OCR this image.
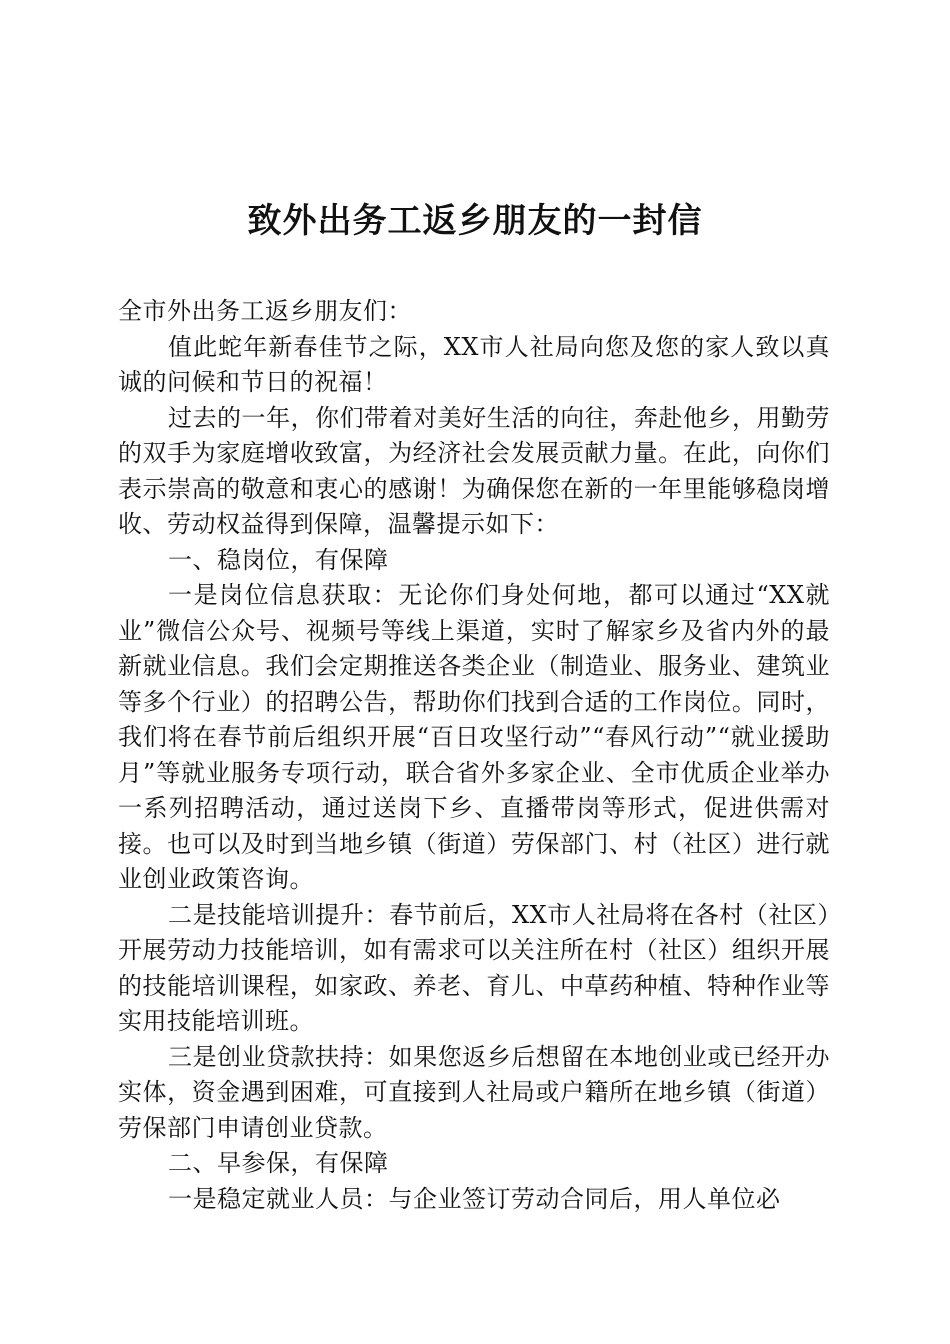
致外出务工返乡朋友的一封信

全市外出务工返乡朋友们：

值此蛇年新春佳节之际，XX市人社局向您及您的家人致以真诚的问候和节日的祝福！

过去的一年，你们带着对美好生活的向往，奔赴他乡，用勤劳的双手为家庭增收致富，为经济社会发展贡献力量。在此，向你们表示崇高的敬意和衷心的感谢！为确保您在新的一年里能够稳岗增收、劳动权益得到保障，温馨提示如下：

一、稳岗位，有保障

一是岗位信息获取：无论你们身处何地，都可以通过“XX就业”微信公众号、视频号等线上渠道，实时了解家乡及省内外的最新就业信息。我们会定期推送各类企业（制造业、服务业、建筑业等多个行业）的招聘公告，帮助你们找到合适的工作岗位。同时，我们将在春节前后组织开展“百日攻坚行动”“春风行动”“就业援助月”等就业服务专项行动，联合省外多家企业、全市优质企业举办一系列招聘活动，通过送岗下乡、直播带岗等形式，促进供需对接。也可以及时到当地乡镇（街道）劳保部门、村（社区）进行就业创业政策咨询。

二是技能培训提升：春节前后，XX市人社局将在各村（社区）开展劳动力技能培训，如有需求可以关注所在村（社区）组织开展的技能培训课程，如家政、养老、育儿、中草药种植、特种作业等实用技能培训班。

三是创业贷款扶持：如果您返乡后想留在本地创业或已经开办实体，资金遇到困难，可直接到人社局或户籍所在地乡镇（街道）劳保部门申请创业贷款。

二、早参保，有保障

一是稳定就业人员：与企业签订劳动合同后，用人单位必
